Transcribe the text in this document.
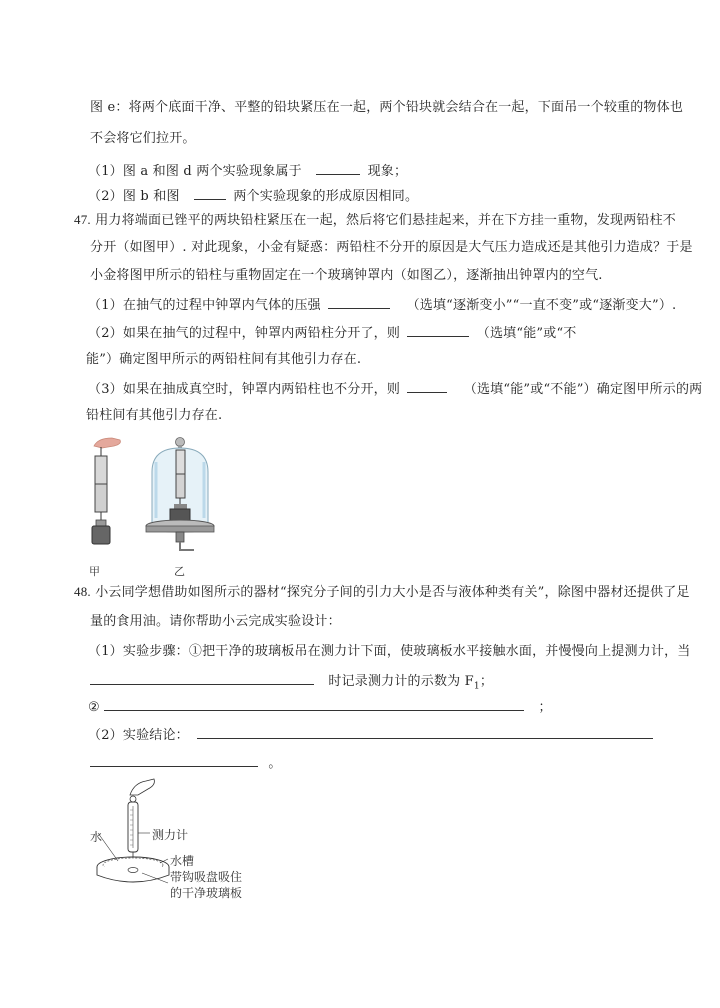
图 e：将两个底面干净、平整的铅块紧压在一起，两个铅块就会结合在一起，下面吊一个较重的物体也
不会将它们拉开。
（1）图 a 和图 d 两个实验现象属于	现象；
（2）图 b 和图	两个实验现象的形成原因相同。
47. 用力将端面已锉平的两块铅柱紧压在一起，然后将它们悬挂起来，并在下方挂一重物，发现两铅柱不
分开（如图甲）. 对此现象，小金有疑惑：两铅柱不分开的原因是大气压力造成还是其他引力造成？于是
小金将图甲所示的铅柱与重物固定在一个玻璃钟罩内（如图乙），逐渐抽出钟罩内的空气.
（1）在抽气的过程中钟罩内气体的压强	（选填“逐渐变小”“一直不变”或“逐渐变大”）.
（2）如果在抽气的过程中，钟罩内两铅柱分开了，则	（选填“能”或“不
能”）确定图甲所示的两铅柱间有其他引力存在.
（3）如果在抽成真空时，钟罩内两铅柱也不分开，则	（选填“能”或“不能”）确定图甲所示的两
铅柱间有其他引力存在.
甲	乙
48. 小云同学想借助如图所示的器材“探究分子间的引力大小是否与液体种类有关”，除图中器材还提供了足
量的食用油。请你帮助小云完成实验设计：
（1）实验步骤：①把干净的玻璃板吊在测力计下面，使玻璃板水平接触水面，并慢慢向上提测力计，当
时记录测力计的示数为 $F_1$；
②	；
（2）实验结论：
。
水	测力计
水槽
带钩吸盘吸住
的干净玻璃板
